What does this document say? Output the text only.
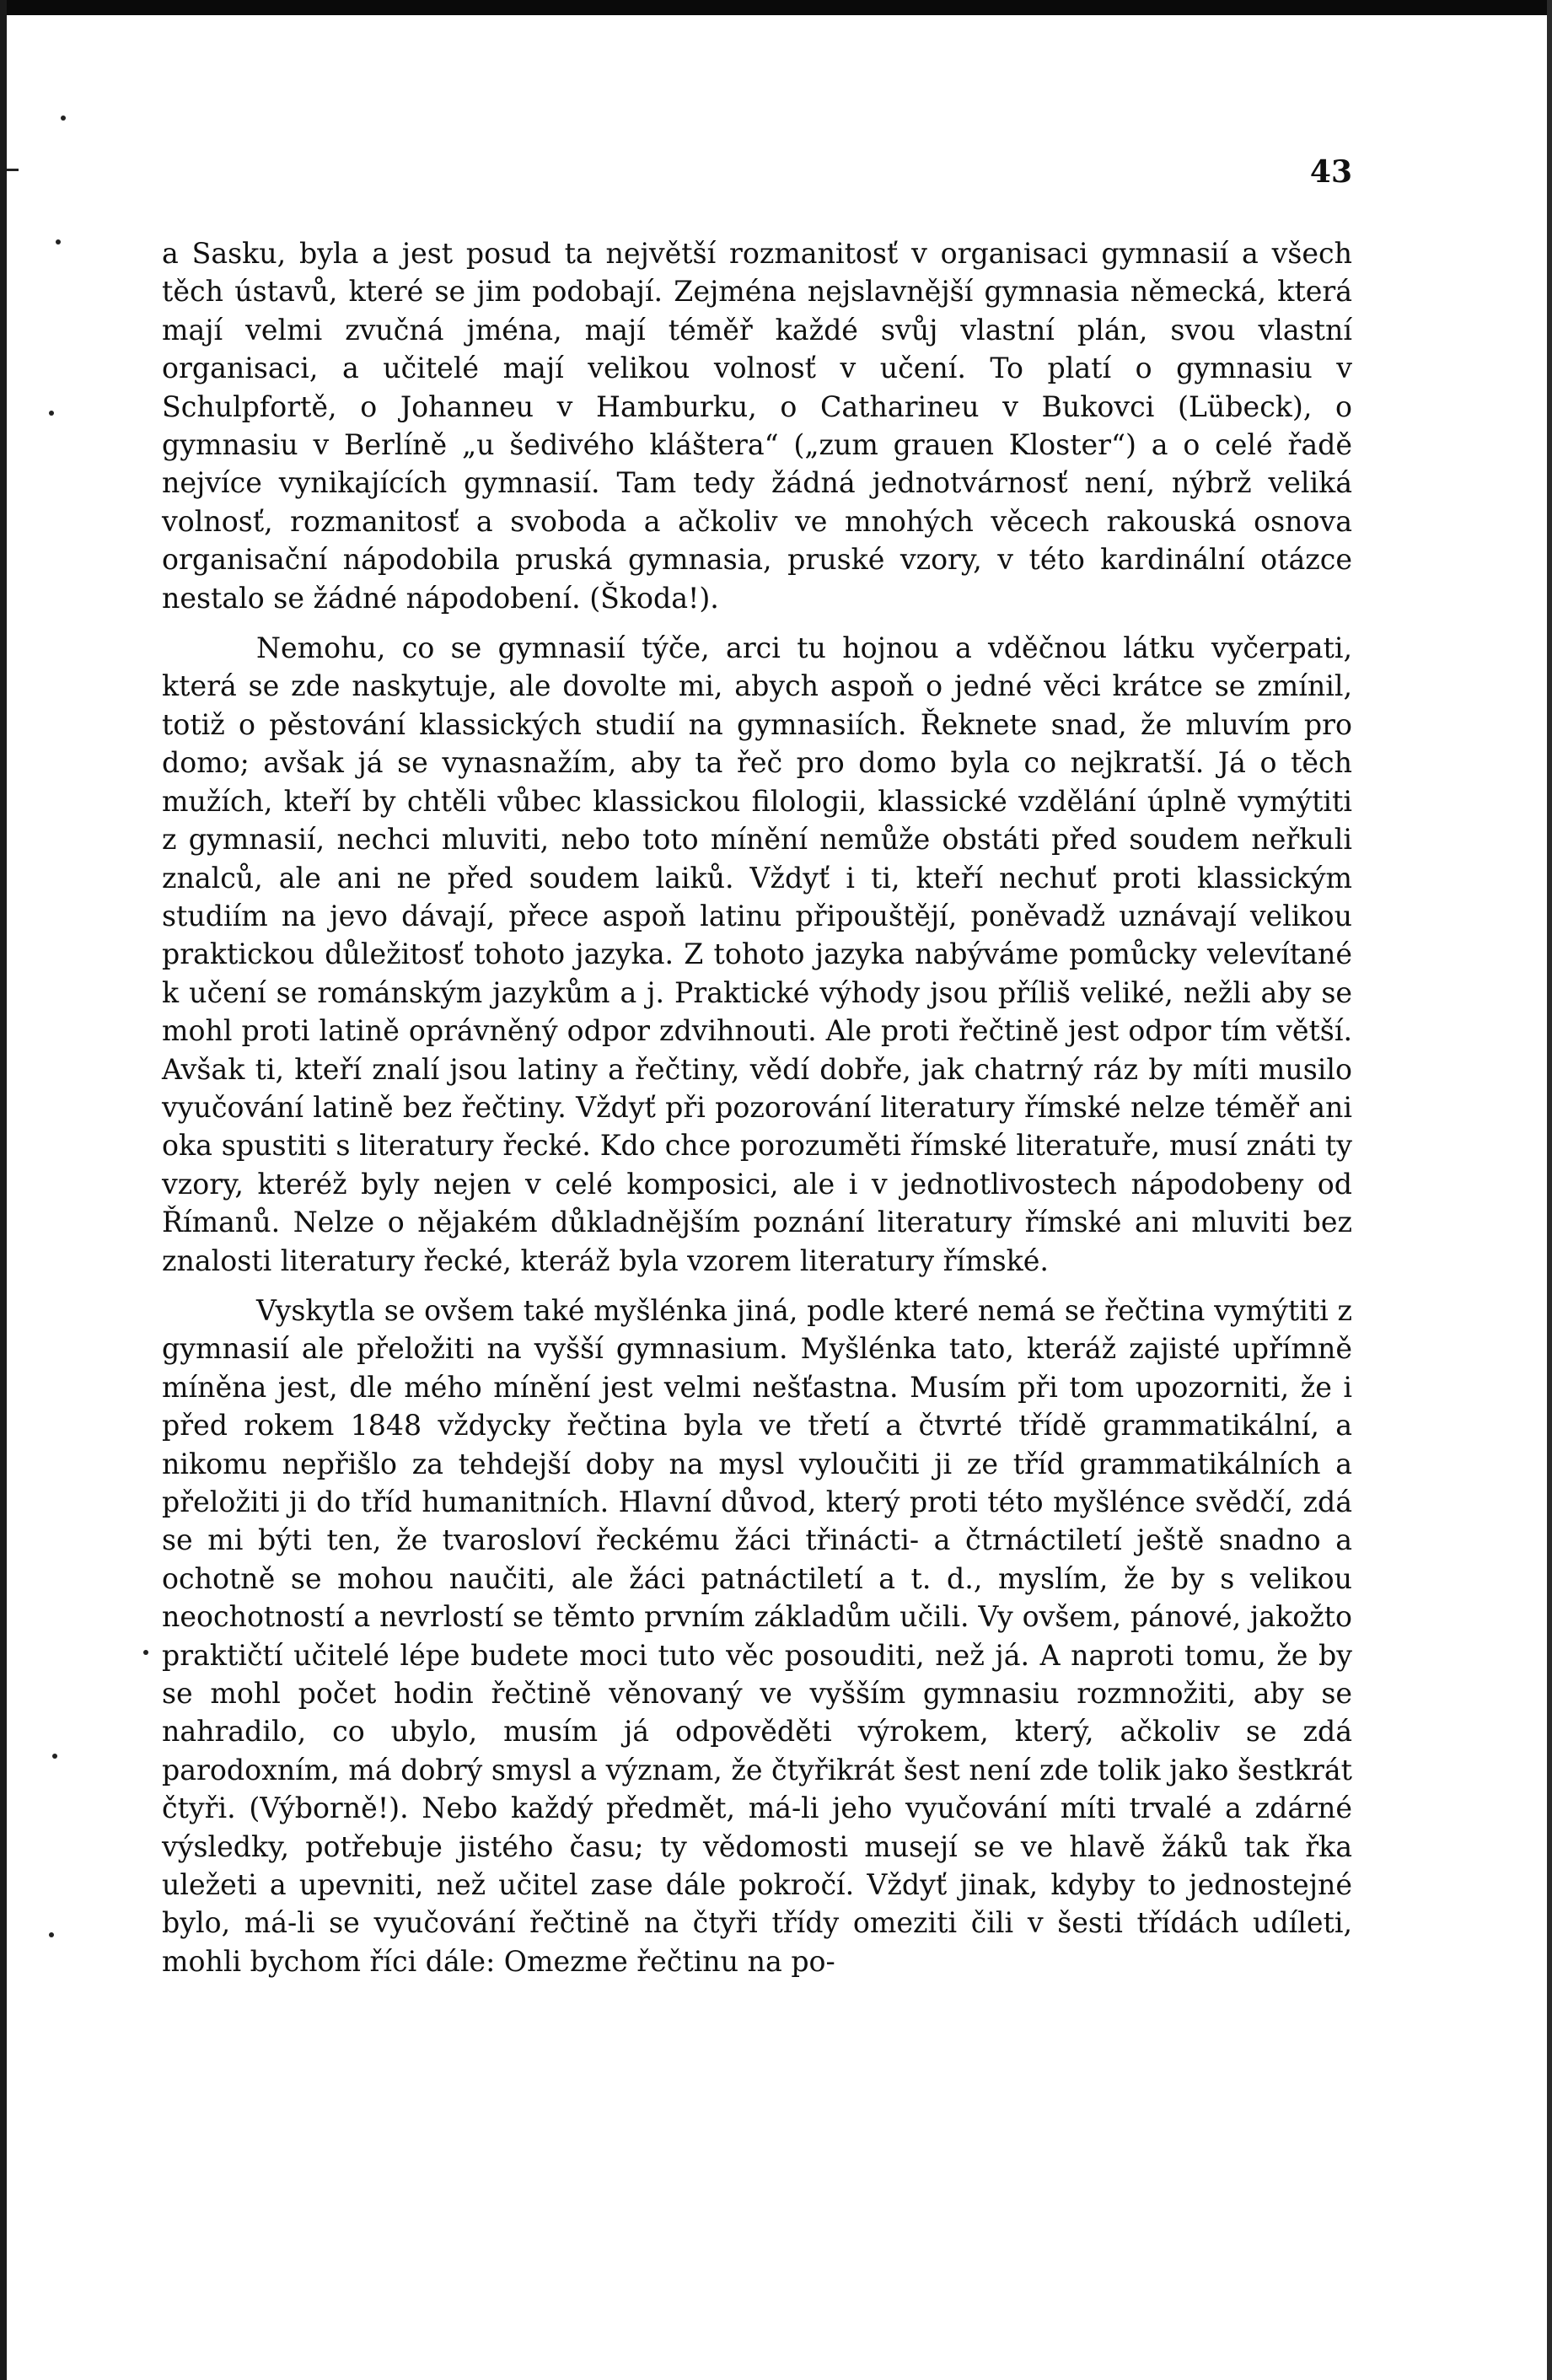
43

a Sasku, byla a jest posud ta největší rozmanitosť v organisaci gymnasií a všech těch ústavů, které se jim podobají. Zejména nejslavnější gymnasia německá, která mají velmi zvučná jména, mají téměř každé svůj vlastní plán, svou vlastní organisaci, a učitelé mají velikou volnosť v učení. To platí o gymnasiu v Schulpfortě, o Johanneu v Hamburku, o Catharineu v Bukovci (Lübeck), o gymnasiu v Berlíně „u šedivého kláštera“ („zum grauen Kloster“) a o celé řadě nejvíce vynikajících gymnasií. Tam tedy žádná jednotvárnosť není, nýbrž veliká volnosť, rozmanitosť a svoboda a ačkoliv ve mnohých věcech rakouská osnova organisační nápodobila pruská gymnasia, pruské vzory, v této kardinální otázce nestalo se žádné nápodobení. (Škoda!).

Nemohu, co se gymnasií týče, arci tu hojnou a vděčnou látku vyčerpati, která se zde naskytuje, ale dovolte mi, abych aspoň o jedné věci krátce se zmínil, totiž o pěstování klassických studií na gymnasiích. Řeknete snad, že mluvím pro domo; avšak já se vynasnažím, aby ta řeč pro domo byla co nejkratší. Já o těch mužích, kteří by chtěli vůbec klassickou filologii, klassické vzdělání úplně vymýtiti z gymnasií, nechci mluviti, nebo toto mínění nemůže obstáti před soudem neřkuli znalců, ale ani ne před soudem laiků. Vždyť i ti, kteří nechuť proti klassickým studiím na jevo dávají, přece aspoň latinu připouštějí, poněvadž uznávají velikou praktickou důležitosť tohoto jazyka. Z tohoto jazyka nabýváme pomůcky velevítané k učení se románským jazykům a j. Praktické výhody jsou příliš veliké, nežli aby se mohl proti latině oprávněný odpor zdvihnouti. Ale proti řečtině jest odpor tím větší. Avšak ti, kteří znalí jsou latiny a řečtiny, vědí dobře, jak chatrný ráz by míti musilo vyučování latině bez řečtiny. Vždyť při pozorování literatury římské nelze téměř ani oka spustiti s literatury řecké. Kdo chce porozuměti římské literatuře, musí znáti ty vzory, kteréž byly nejen v celé komposici, ale i v jednotlivostech nápodobeny od Římanů. Nelze o nějakém důkladnějším poznání literatury římské ani mluviti bez znalosti literatury řecké, kteráž byla vzorem literatury římské.

Vyskytla se ovšem také myšlénka jiná, podle které nemá se řečtina vymýtiti z gymnasií ale přeložiti na vyšší gymnasium. Myšlénka tato, kteráž zajisté upřímně míněna jest, dle mého mínění jest velmi nešťastna. Musím při tom upozorniti, že i před rokem 1848 vždycky řečtina byla ve třetí a čtvrté třídě grammatikální, a nikomu nepřišlo za tehdejší doby na mysl vyloučiti ji ze tříd grammatikálních a přeložiti ji do tříd humanitních. Hlavní důvod, který proti této myšlénce svědčí, zdá se mi býti ten, že tvarosloví řeckému žáci třinácti- a čtrnáctiletí ještě snadno a ochotně se mohou naučiti, ale žáci patnáctiletí a t. d., myslím, že by s velikou neochotností a nevrlostí se těmto prvním základům učili. Vy ovšem, pánové, jakožto praktičtí učitelé lépe budete moci tuto věc posouditi, než já. A naproti tomu, že by se mohl počet hodin řečtině věnovaný ve vyšším gymnasiu rozmnožiti, aby se nahradilo, co ubylo, musím já odpověděti výrokem, který, ačkoliv se zdá parodoxním, má dobrý smysl a význam, že čtyřikrát šest není zde tolik jako šestkrát čtyři. (Výborně!). Nebo každý předmět, má-li jeho vyučování míti trvalé a zdárné výsledky, potřebuje jistého času; ty vědomosti musejí se ve hlavě žáků tak řka uležeti a upevniti, než učitel zase dále pokročí. Vždyť jinak, kdyby to jednostejné bylo, má-li se vyučování řečtině na čtyři třídy omeziti čili v šesti třídách udíleti, mohli bychom říci dále: Omezme řečtinu na po-
